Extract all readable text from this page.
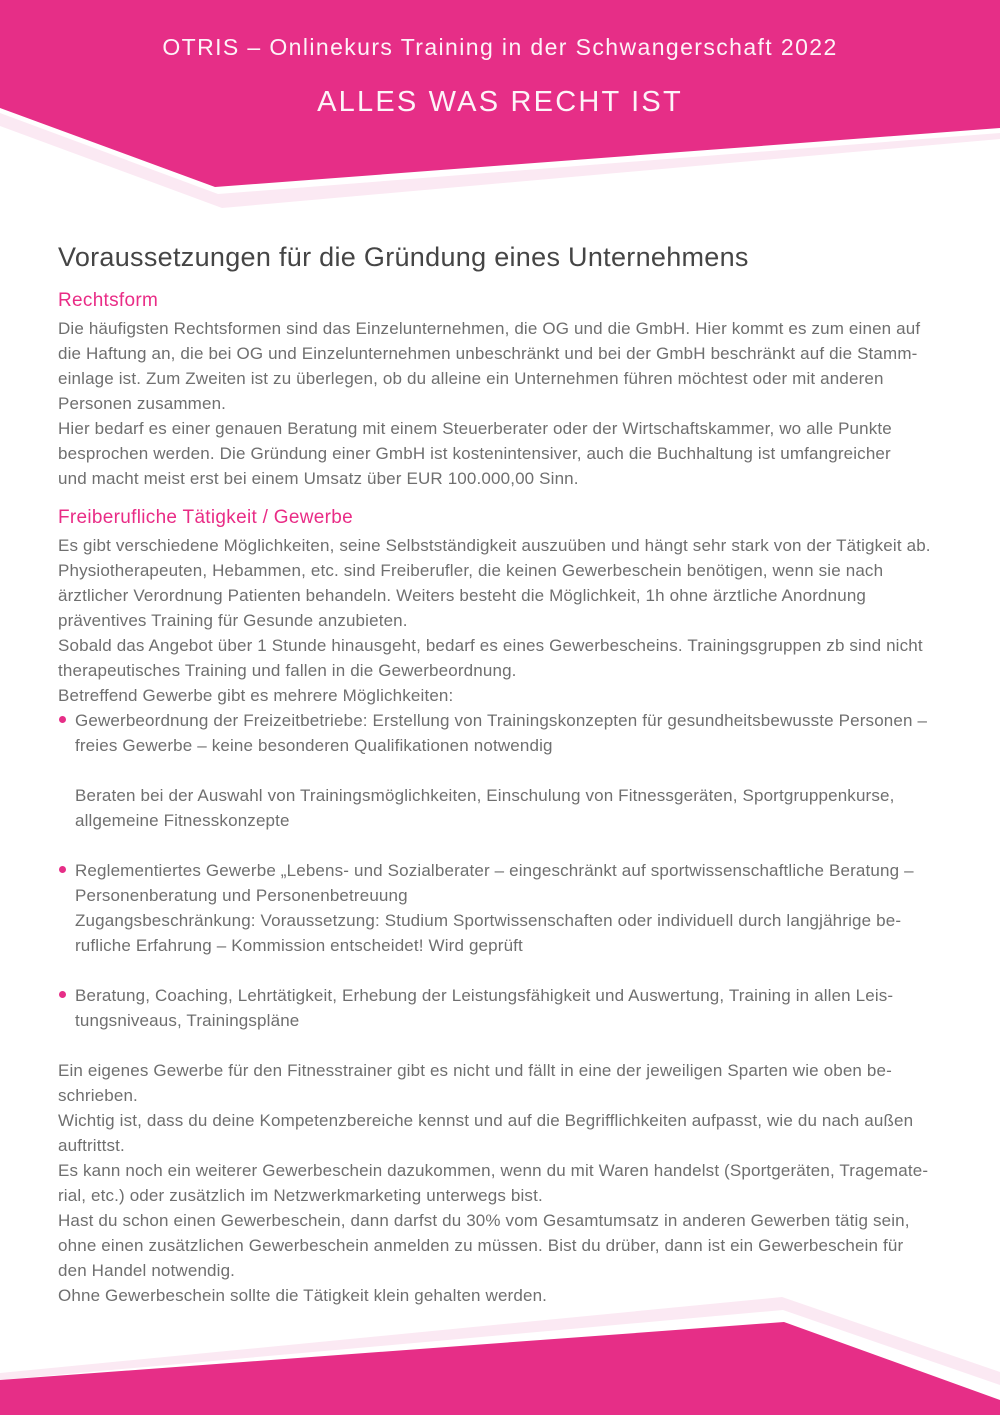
OTRIS – Onlinekurs Training in der Schwangerschaft 2022
ALLES WAS RECHT IST
Voraussetzungen für die Gründung eines Unternehmens
Rechtsform
Die häufigsten Rechtsformen sind das Einzelunternehmen, die OG und die GmbH. Hier kommt es zum einen auf
die Haftung an, die bei OG und Einzelunternehmen unbeschränkt und bei der GmbH beschränkt auf die Stamm-
einlage ist. Zum Zweiten ist zu überlegen, ob du alleine ein Unternehmen führen möchtest oder mit anderen
Personen zusammen.
Hier bedarf es einer genauen Beratung mit einem Steuerberater oder der Wirtschaftskammer, wo alle Punkte
besprochen werden. Die Gründung einer GmbH ist kostenintensiver, auch die Buchhaltung ist umfangreicher
und macht meist erst bei einem Umsatz über EUR 100.000,00 Sinn.
Freiberufliche Tätigkeit / Gewerbe
Es gibt verschiedene Möglichkeiten, seine Selbstständigkeit auszuüben und hängt sehr stark von der Tätigkeit ab.
Physiotherapeuten, Hebammen, etc. sind Freiberufler, die keinen Gewerbeschein benötigen, wenn sie nach
ärztlicher Verordnung Patienten behandeln. Weiters besteht die Möglichkeit, 1h ohne ärztliche Anordnung
präventives Training für Gesunde anzubieten.
Sobald das Angebot über 1 Stunde hinausgeht, bedarf es eines Gewerbescheins. Trainingsgruppen zb sind nicht
therapeutisches Training und fallen in die Gewerbeordnung.
Betreffend Gewerbe gibt es mehrere Möglichkeiten:
Gewerbeordnung der Freizeitbetriebe: Erstellung von Trainingskonzepten für gesundheitsbewusste Personen –
freies Gewerbe – keine besonderen Qualifikationen notwendig
Beraten bei der Auswahl von Trainingsmöglichkeiten, Einschulung von Fitnessgeräten, Sportgruppenkurse,
allgemeine Fitnesskonzepte
Reglementiertes Gewerbe „Lebens- und Sozialberater – eingeschränkt auf sportwissenschaftliche Beratung –
Personenberatung und Personenbetreuung
Zugangsbeschränkung: Voraussetzung: Studium Sportwissenschaften oder individuell durch langjährige be-
rufliche Erfahrung – Kommission entscheidet! Wird geprüft
Beratung, Coaching, Lehrtätigkeit, Erhebung der Leistungsfähigkeit und Auswertung, Training in allen Leis-
tungsniveaus, Trainingspläne
Ein eigenes Gewerbe für den Fitnesstrainer gibt es nicht und fällt in eine der jeweiligen Sparten wie oben be-
schrieben.
Wichtig ist, dass du deine Kompetenzbereiche kennst und auf die Begrifflichkeiten aufpasst, wie du nach außen
auftrittst.
Es kann noch ein weiterer Gewerbeschein dazukommen, wenn du mit Waren handelst (Sportgeräten, Tragemate-
rial, etc.) oder zusätzlich im Netzwerkmarketing unterwegs bist.
Hast du schon einen Gewerbeschein, dann darfst du 30% vom Gesamtumsatz in anderen Gewerben tätig sein,
ohne einen zusätzlichen Gewerbeschein anmelden zu müssen. Bist du drüber, dann ist ein Gewerbeschein für
den Handel notwendig.
Ohne Gewerbeschein sollte die Tätigkeit klein gehalten werden.
